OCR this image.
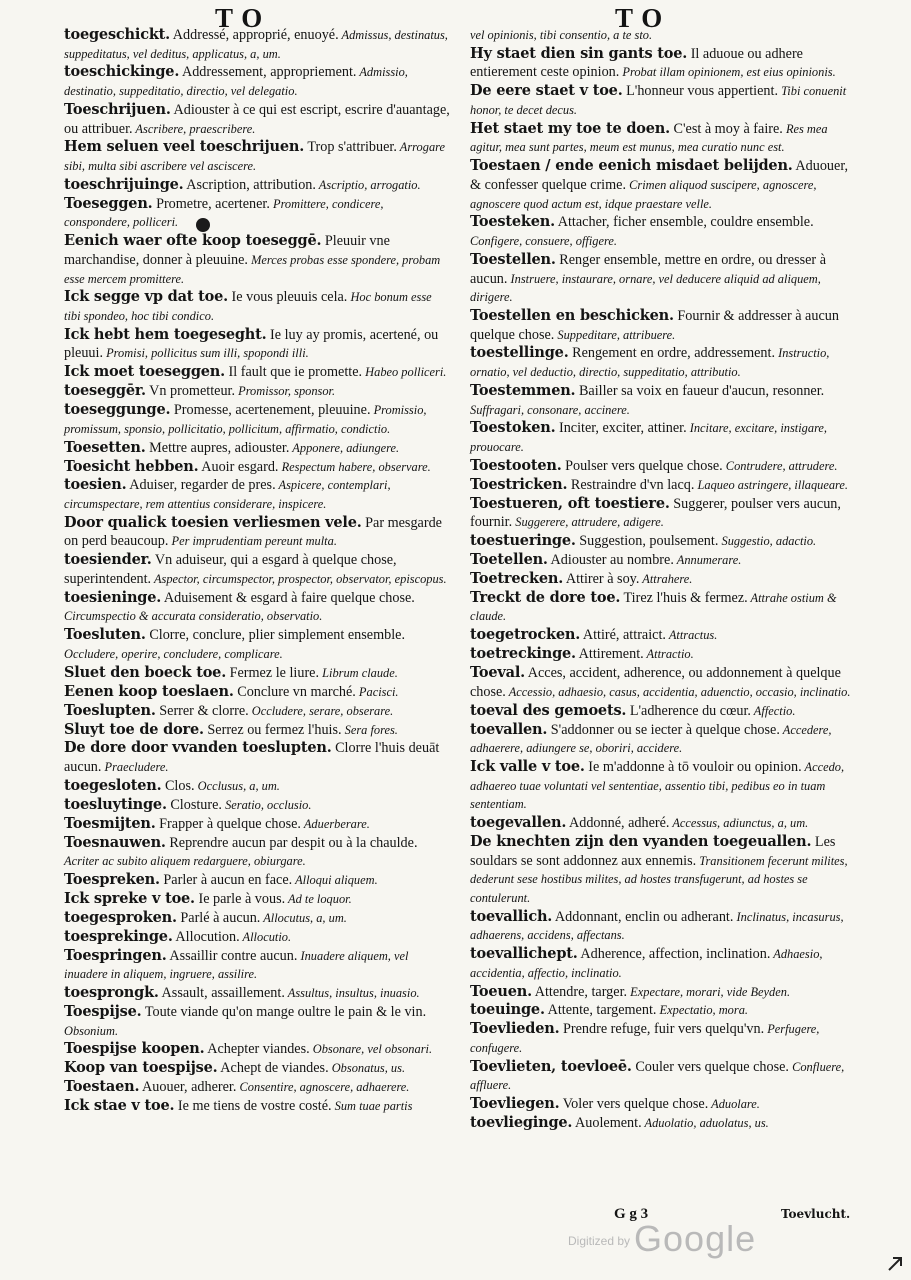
T O	T O
toegeschickt. Addressé, approprié, enuoyé. Admissus, destinatus, suppeditatus, vel deditus, applicatus, a, um.
toeschickinge. Addressement, appropriement. Admissio, destinatio, suppeditatio, directio, vel delegatio.
Toeschrijuen. Adiouster à ce qui est escript, escrire d'auantage, ou attribuer. Ascribere, praescribere.
Hem seluen veel toeschrijuen. Trop s'attribuer. Arrogare sibi, multa sibi ascribere vel asciscere.
toeschrijuinge. Ascription, attribution. Ascriptio, arrogatio.
Toeseggen. Prometre, acertener. Promittere, condicere, conspondere, polliceri.
Eenich waer ofte koop toeseggē. Pleuuir vne marchandise, donner à pleuuine. Merces probas esse spondere, probam esse mercem promittere.
Ick segge vp dat toe. Ie vous pleuuis cela. Hoc bonum esse tibi spondeo, hoc tibi condico.
Ick hebt hem toegeseght. Ie luy ay promis, acertené, ou pleuui. Promisi, pollicitus sum illi, spopondi illi.
Ick moet toeseggen. Il fault que ie promette. Habeo polliceri.
toeseggēr. Vn prometteur. Promissor, sponsor.
toeseggunge. Promesse, acertenement, pleuuine. Promissio, promissum, sponsio, pollicitatio, pollicitum, affirmatio, condictio.
Toesetten. Mettre aupres, adiouster. Apponere, adiungere.
Toesicht hebben. Auoir esgard. Respectum habere, observare.
toesien. Aduiser, regarder de pres. Aspicere, contemplari, circumspectare, rem attentius considerare, inspicere.
Door qualick toesien verliesmen vele. Par mesgarde on perd beaucoup. Per imprudentiam pereunt multa.
toesiender. Vn aduiseur, qui a esgard à quelque chose, superintendent. Aspector, circumspector, prospector, observator, episcopus.
toesieninge. Aduisement & esgard à faire quelque chose. Circumspectio & accurata consideratio, observatio.
Toesluten. Clorre, conclure, plier simplement ensemble. Occludere, operire, concludere, complicare.
Sluet den boeck toe. Fermez le liure. Librum claude.
Eenen koop toeslaen. Conclure vn marché. Pacisci.
Toeslupten. Serrer & clorre. Occludere, serare, obserare.
Sluyt toe de dore. Serrez ou fermez l'huis. Sera fores.
De dore door vvanden toeslupten. Clorre l'huis deuāt aucun. Praecludere.
toegesloten. Clos. Occlusus, a, um.
toesluytinge. Closture. Seratio, occlusio.
Toesmijten. Frapper à quelque chose. Aduerberare.
Toesnauwen. Reprendre aucun par despit ou à la chaulde. Acriter ac subito aliquem redarguere, obiurgare.
Toespreken. Parler à aucun en face. Alloqui aliquem.
Ick spreke v toe. Ie parle à vous. Ad te loquor.
toegesproken. Parlé à aucun. Allocutus, a, um.
toesprekinge. Allocution. Allocutio.
Toespringen. Assaillir contre aucun. Inuadere aliquem, vel inuadere in aliquem, ingruere, assilire.
toesprongk. Assault, assaillement. Assultus, insultus, inuasio.
Toespijse. Toute viande qu'on mange oultre le pain & le vin. Obsonium.
Toespijse koopen. Achepter viandes. Obsonare, vel obsonari.
Koop van toespijse. Achept de viandes. Obsonatus, us.
Toestaen. Auouer, adherer. Consentire, agnoscere, adhaerere.
Ick stae v toe. Ie me tiens de vostre costé. Sum tuae partis
vel opinionis, tibi consentio, a te sto.
Hy staet dien sin gants toe. Il aduoue ou adhere entierement ceste opinion. Probat illam opinionem, est eius opinionis.
De eere staet v toe. L'honneur vous appertient. Tibi conuenit honor, te decet decus.
Het staet my toe te doen. C'est à moy à faire. Res mea agitur, mea sunt partes, meum est munus, mea curatio nunc est.
Toestaen / ende eenich misdaet belijden. Aduouer, & confesser quelque crime. Crimen aliquod suscipere, agnoscere, agnoscere quod actum est, idque praestare velle.
Toesteken. Attacher, ficher ensemble, couldre ensemble. Configere, consuere, offigere.
Toestellen. Renger ensemble, mettre en ordre, ou dresser à aucun. Instruere, instaurare, ornare, vel deducere aliquid ad aliquem, dirigere.
Toestellen en beschicken. Fournir & addresser à aucun quelque chose. Suppeditare, attribuere.
toestellinge. Rengement en ordre, addressement. Instructio, ornatio, vel deductio, directio, suppeditatio, attributio.
Toestemmen. Bailler sa voix en faueur d'aucun, resonner. Suffragari, consonare, accinere.
Toestoken. Inciter, exciter, attiner. Incitare, excitare, instigare, prouocare.
Toestooten. Poulser vers quelque chose. Contrudere, attrudere.
Toestricken. Restraindre d'vn lacq. Laqueo astringere, illaqueare.
Toestueren, oft toestiere. Suggerer, poulser vers aucun, fournir. Suggerere, attrudere, adigere.
toestueringe. Suggestion, poulsement. Suggestio, adactio.
Toetellen. Adiouster au nombre. Annumerare.
Toetrecken. Attirer à soy. Attrahere.
Treckt de dore toe. Tirez l'huis & fermez. Attrahe ostium & claude.
toegetrocken. Attiré, attraict. Attractus.
toetreckinge. Attirement. Attractio.
Toeval. Acces, accident, adherence, ou addonnement à quelque chose. Accessio, adhaesio, casus, accidentia, aduenctio, occasio, inclinatio.
toeval des gemoets. L'adherence du cœur. Affectio.
toevallen. S'addonner ou se iecter à quelque chose. Accedere, adhaerere, adiungere se, oboriri, accidere.
Ick valle v toe. Ie m'addonne à tō vouloir ou opinion. Accedo, adhaereo tuae voluntati vel sententiae, assentio tibi, pedibus eo in tuam sententiam.
toegevallen. Addonné, adheré. Accessus, adiunctus, a, um.
De knechten zijn den vyanden toegeuallen. Les souldars se sont addonnez aux ennemis. Transitionem fecerunt milites, dederunt sese hostibus milites, ad hostes transfugerunt, ad hostes se contulerunt.
toevallich. Addonnant, enclin ou adherant. Inclinatus, incasurus, adhaerens, accidens, affectans.
toevallichept. Adherence, affection, inclination. Adhaesio, accidentia, affectio, inclinatio.
Toeuen. Attendre, targer. Expectare, morari, vide Beyden.
toeuinge. Attente, targement. Expectatio, mora.
Toevlieden. Prendre refuge, fuir vers quelqu'vn. Perfugere, confugere.
Toevlieten, toevloeē. Couler vers quelque chose. Confluere, affluere.
Toevliegen. Voler vers quelque chose. Aduolare.
toevlieginge. Auolement. Aduolatio, aduolatus, us.
G g 3	Toevlucht.
$^{Digitized by}$ Google
